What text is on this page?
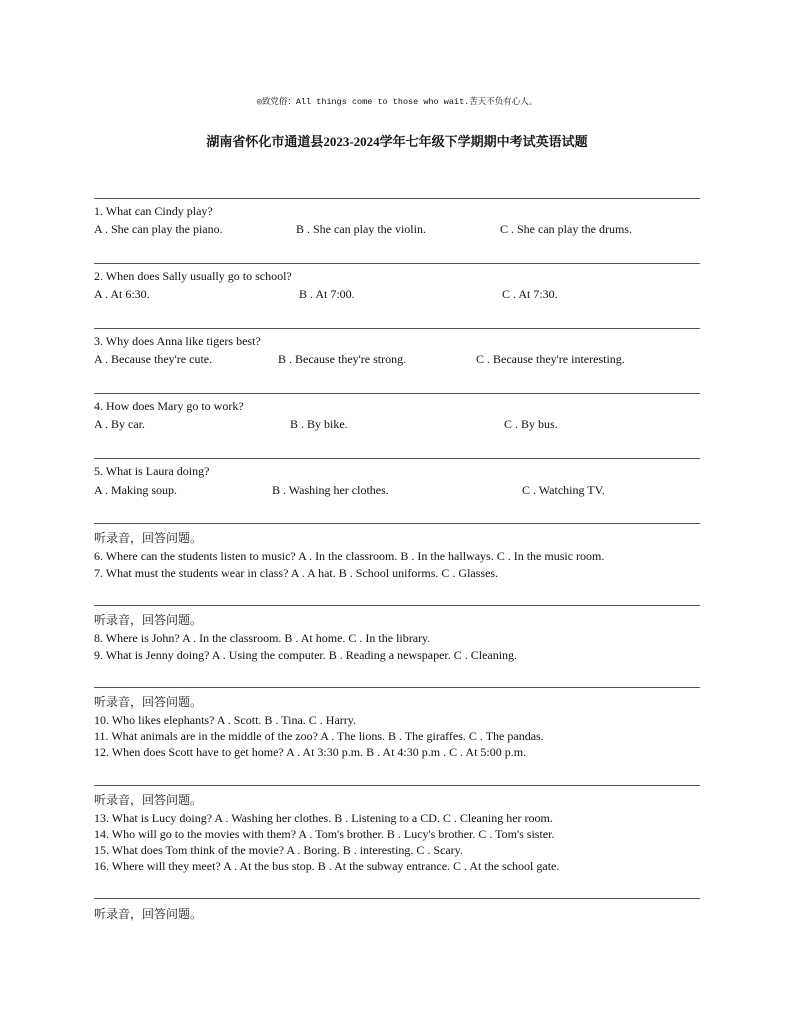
◎致党俗：All things come to those who wait.苦天不负有心人。
湖南省怀化市通道县2023-2024学年七年级下学期期中考试英语试题
1. What can Cindy play?
A . She can play the piano.	B . She can play the violin.	C . She can play the drums.
2. When does Sally usually go to school?
A . At 6:30.	B . At 7:00.	C . At 7:30.
3. Why does Anna like tigers best?
A . Because they're cute.	B . Because they're strong.	C . Because they're interesting.
4. How does Mary go to work?
A . By car.	B . By bike.	C . By bus.
5. What is Laura doing?
A . Making soup.	B . Washing her clothes.	C . Watching TV.
听录音，回答问题。
6. Where can the students listen to music? A . In the classroom. B . In the hallways. C . In the music room.
7. What must the students wear in class? A . A hat. B . School uniforms. C . Glasses.
听录音，回答问题。
8. Where is John? A . In the classroom. B . At home. C . In the library.
9. What is Jenny doing? A . Using the computer. B . Reading a newspaper. C . Cleaning.
听录音，回答问题。
10. Who likes elephants? A . Scott. B . Tina. C . Harry.
11. What animals are in the middle of the zoo? A . The lions. B . The giraffes. C . The pandas.
12. When does Scott have to get home? A . At 3:30 p.m. B . At 4:30 p.m . C . At 5:00 p.m.
听录音，回答问题。
13. What is Lucy doing? A . Washing her clothes. B . Listening to a CD. C . Cleaning her room.
14. Who will go to the movies with them? A . Tom's brother. B . Lucy's brother. C . Tom's sister.
15. What does Tom think of the movie? A . Boring. B . interesting. C . Scary.
16. Where will they meet? A . At the bus stop. B . At the subway entrance. C . At the school gate.
听录音，回答问题。
